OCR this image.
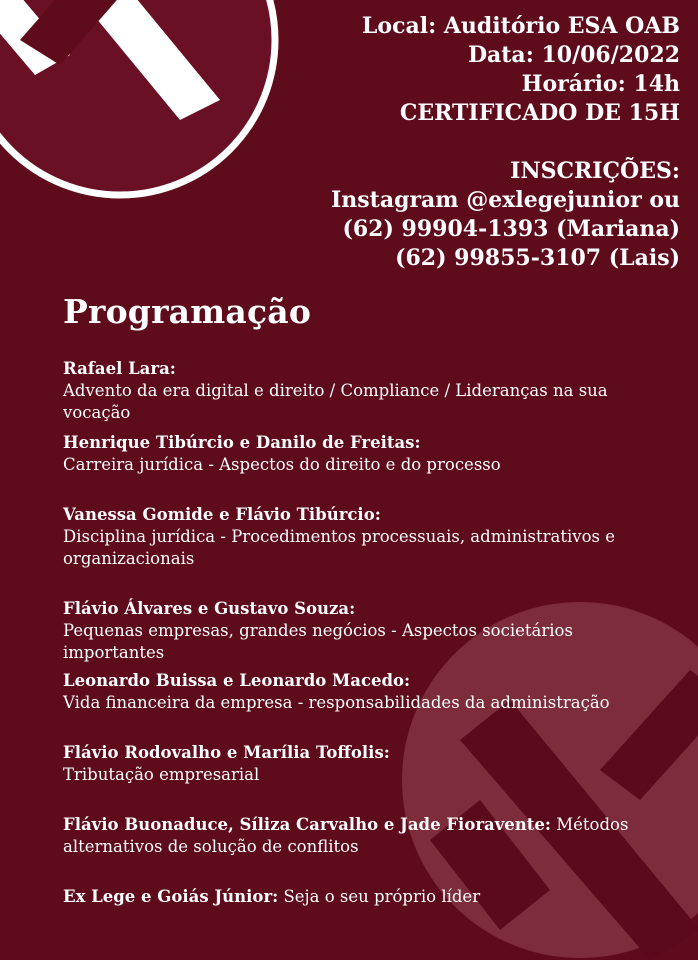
Local: Auditório ESA OAB
Data: 10/06/2022
Horário: 14h
CERTIFICADO DE 15H
INSCRIÇÕES:
Instagram @exlegejunior ou
(62) 99904-1393 (Mariana)
(62) 99855-3107 (Lais)
Programação
Rafael Lara:
Advento da era digital e direito / Compliance / Lideranças na sua vocação
Henrique Tibúrcio e Danilo de Freitas:
Carreira jurídica - Aspectos do direito e do processo
Vanessa Gomide e Flávio Tibúrcio:
Disciplina jurídica - Procedimentos processuais, administrativos e organizacionais
Flávio Álvares e Gustavo Souza:
Pequenas empresas, grandes negócios - Aspectos societários importantes
Leonardo Buissa e Leonardo Macedo:
Vida financeira da empresa - responsabilidades da administração
Flávio Rodovalho e Marília Toffolis:
Tributação empresarial
Flávio Buonaduce, Síliza Carvalho e Jade Fioravente: Métodos alternativos de solução de conflitos
Ex Lege e Goiás Júnior: Seja o seu próprio líder
